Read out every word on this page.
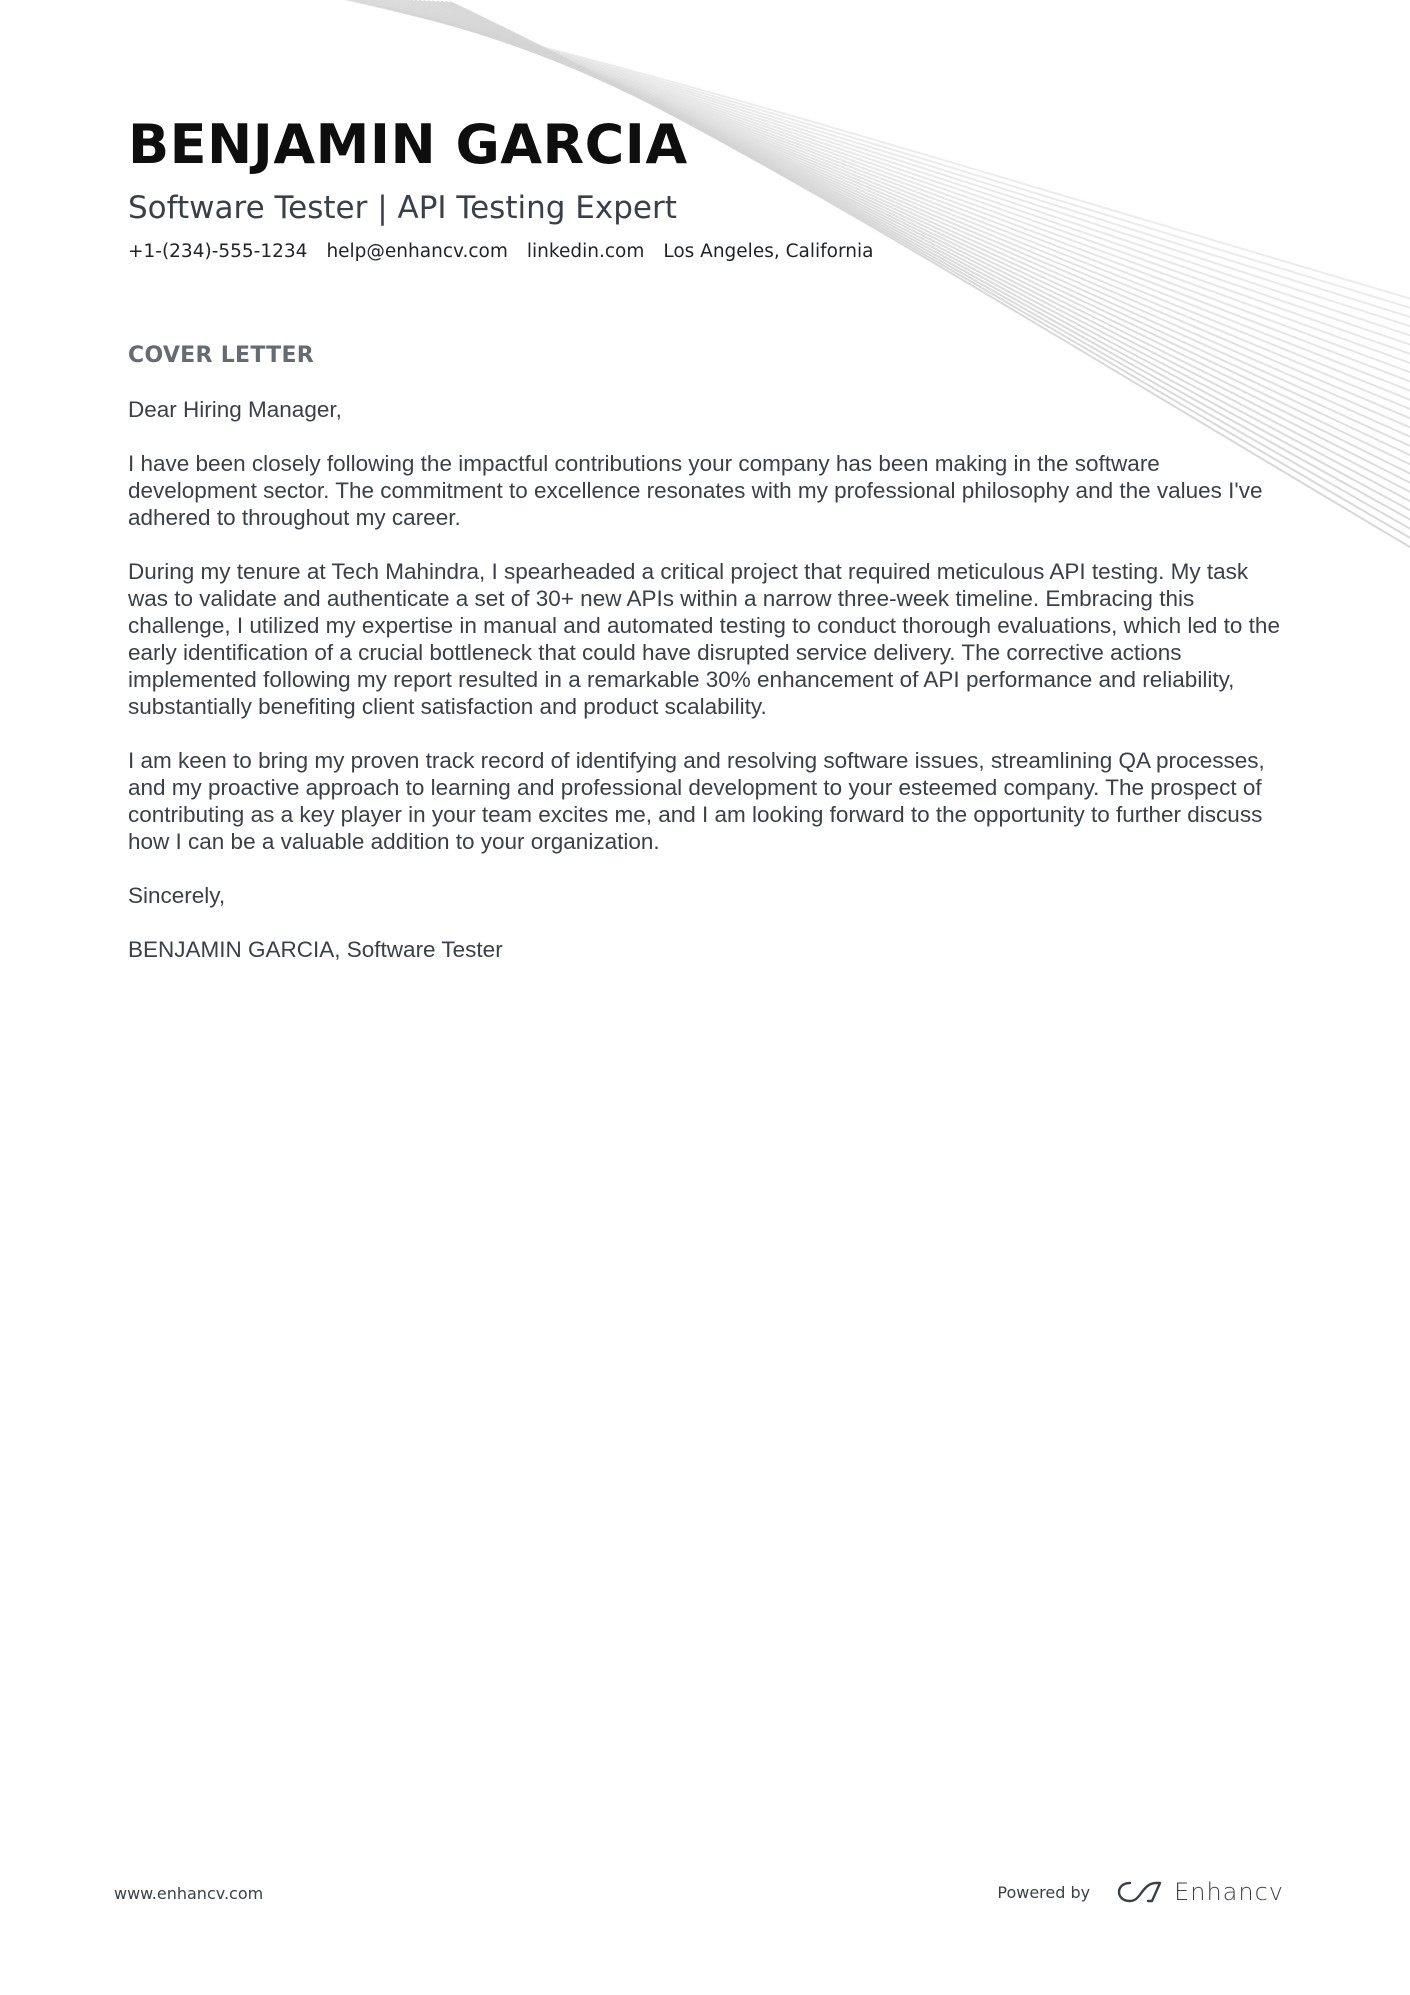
BENJAMIN GARCIA
Software Tester | API Testing Expert
+1-(234)-555-1234 help@enhancv.com linkedin.com Los Angeles, California
COVER LETTER
Dear Hiring Manager,

I have been closely following the impactful contributions your company has been making in the software development sector. The commitment to excellence resonates with my professional philosophy and the values I've adhered to throughout my career.

During my tenure at Tech Mahindra, I spearheaded a critical project that required meticulous API testing. My task was to validate and authenticate a set of 30+ new APIs within a narrow three-week timeline. Embracing this challenge, I utilized my expertise in manual and automated testing to conduct thorough evaluations, which led to the early identification of a crucial bottleneck that could have disrupted service delivery. The corrective actions implemented following my report resulted in a remarkable 30% enhancement of API performance and reliability, substantially benefiting client satisfaction and product scalability.

I am keen to bring my proven track record of identifying and resolving software issues, streamlining QA processes, and my proactive approach to learning and professional development to your esteemed company. The prospect of contributing as a key player in your team excites me, and I am looking forward to the opportunity to further discuss how I can be a valuable addition to your organization.

Sincerely,
BENJAMIN GARCIA, Software Tester
www.enhancv.com	Powered by	Enhancv
